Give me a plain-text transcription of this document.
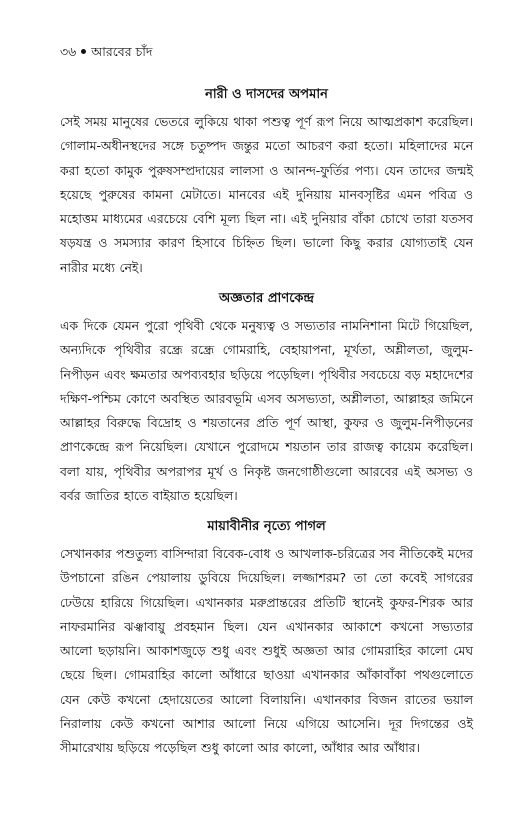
৩৬ আরবের চাঁদ
নারী ও দাসদের অপমান

সেই সময় মানুষের ভেতরে লুকিয়ে থাকা পশুত্ব পূর্ণ রূপ নিয়ে আত্মপ্রকাশ করেছিল। গোলাম-অধীনস্থদের সঙ্গে চতুষ্পদ জন্তুর মতো আচরণ করা হতো। মহিলাদের মনে করা হতো কামুক পুরুষসম্প্রদায়ের লালসা ও আনন্দ-ফুর্তির পণ্য। যেন তাদের জন্মই হয়েছে পুরুষের কামনা মেটাতে। মানবের এই দুনিয়ায় মানবসৃষ্টির এমন পবিত্র ও মহোত্তম মাধ্যমের এরচেয়ে বেশি মূল্য ছিল না। এই দুনিয়ার বাঁকা চোখে তারা যতসব ষড়যন্ত্র ও সমস্যার কারণ হিসাবে চিহ্নিত ছিল। ভালো কিছু করার যোগ্যতাই যেন নারীর মধ্যে নেই।

অজ্ঞতার প্রাণকেন্দ্র

এক দিকে যেমন পুরো পৃথিবী থেকে মনুষ্যত্ব ও সভ্যতার নামনিশানা মিটে গিয়েছিল, অন্যদিকে পৃথিবীর রন্ধ্রে রন্ধ্রে গোমরাহি, বেহায়াপনা, মূর্খতা, অশ্লীলতা, জুলুম-নিপীড়ন এবং ক্ষমতার অপব্যবহার ছড়িয়ে পড়েছিল। পৃথিবীর সবচেয়ে বড় মহাদেশের দক্ষিণ-পশ্চিম কোণে অবস্থিত আরবভূমি এসব অসভ্যতা, অশ্লীলতা, আল্লাহর জমিনে আল্লাহর বিরুদ্ধে বিদ্রোহ ও শয়তানের প্রতি পূর্ণ আস্থা, কুফর ও জুলুম-নিপীড়নের প্রাণকেন্দ্রে রূপ নিয়েছিল। যেখানে পুরোদমে শয়তান তার রাজত্ব কায়েম করেছিল। বলা যায়, পৃথিবীর অপরাপর মূর্খ ও নিকৃষ্ট জনগোষ্ঠীগুলো আরবের এই অসভ্য ও বর্বর জাতির হাতে বাইয়াত হয়েছিল।

মায়াবীনীর নৃত্যে পাগল

সেখানকার পশুতুল্য বাসিন্দারা বিবেক-বোধ ও আখলাক-চরিত্রের সব নীতিকেই মদের উপচানো রঙিন পেয়ালায় ডুবিয়ে দিয়েছিল। লজ্জাশরম? তা তো কবেই সাগরের ঢেউয়ে হারিয়ে গিয়েছিল। এখানকার মরুপ্রান্তরের প্রতিটি স্থানেই কুফর-শিরক আর নাফরমানির ঝঞ্ঝাবায়ু প্রবহমান ছিল। যেন এখানকার আকাশে কখনো সভ্যতার আলো ছড়ায়নি। আকাশজুড়ে শুধু এবং শুধুই অজ্ঞতা আর গোমরাহির কালো মেঘ ছেয়ে ছিল। গোমরাহির কালো আঁধারে ছাওয়া এখানকার আঁকাবাঁকা পথগুলোতে যেন কেউ কখনো হেদায়েতের আলো বিলায়নি। এখানকার বিজন রাতের ভয়াল নিরালায় কেউ কখনো আশার আলো নিয়ে এগিয়ে আসেনি। দূর দিগন্তের ওই সীমারেখায় ছড়িয়ে পড়েছিল শুধু কালো আর কালো, আঁধার আর আঁধার।
